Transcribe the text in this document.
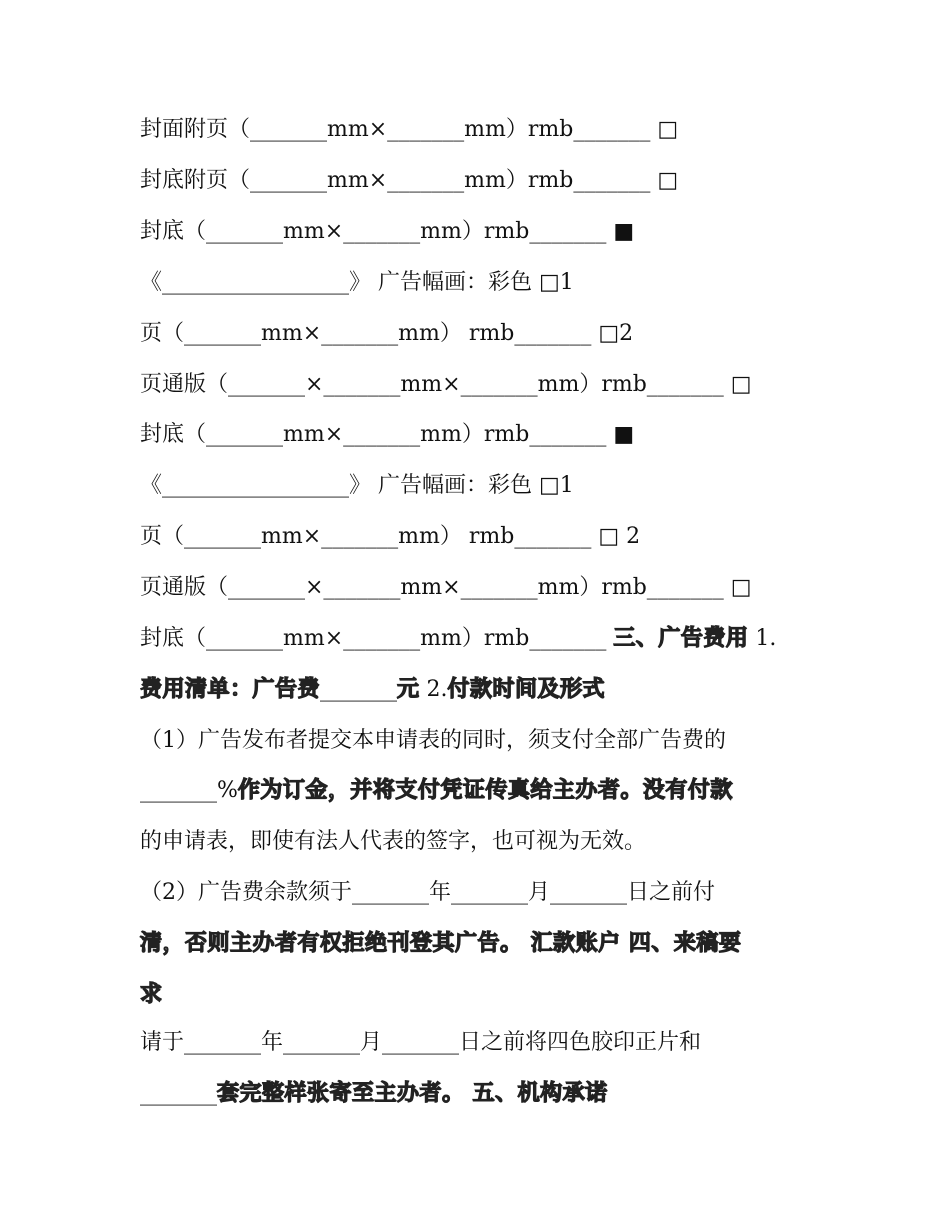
封面附页（_______mm×_______mm）rmb_______ □
封底附页（_______mm×_______mm）rmb_______ □
封底（_______mm×_______mm）rmb_______ ■
《_________________》 广告幅画：彩色 □1
页（_______mm×_______mm） rmb_______ □2
页通版（_______×_______mm×_______mm）rmb_______ □
封底（_______mm×_______mm）rmb_______ ■
《_________________》 广告幅画：彩色 □1
页（_______mm×_______mm） rmb_______ □ 2
页通版（_______×_______mm×_______mm）rmb_______ □
封底（_______mm×_______mm）rmb_______ 三、广告费用 1.
费用清单：广告费_______元 2.付款时间及形式
（1）广告发布者提交本申请表的同时，须支付全部广告费的
_______%作为订金，并将支付凭证传真给主办者。没有付款
的申请表，即使有法人代表的签字，也可视为无效。
（2）广告费余款须于_______年_______月_______日之前付
清，否则主办者有权拒绝刊登其广告。 汇款账户 四、来稿要
求
请于_______年_______月_______日之前将四色胶印正片和
_______套完整样张寄至主办者。 五、机构承诺
